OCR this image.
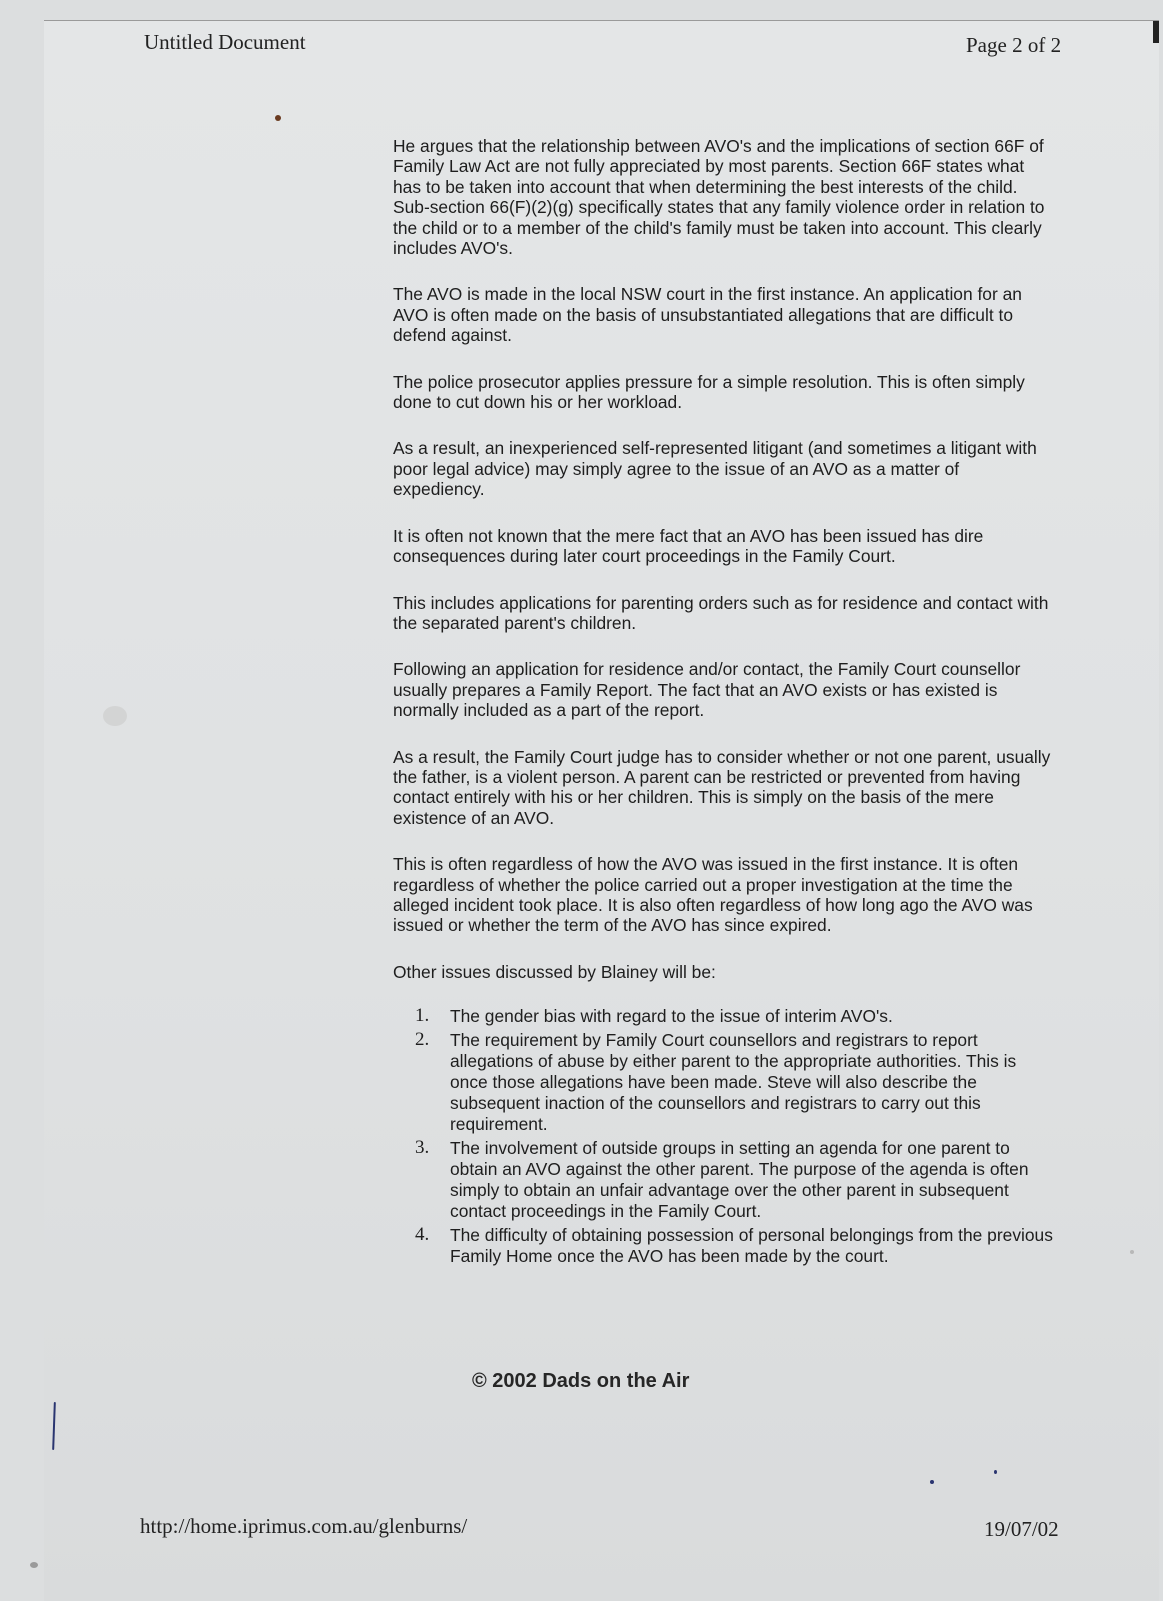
Untitled Document	Page 2 of 2

He argues that the relationship between AVO's and the implications of section 66F of Family Law Act are not fully appreciated by most parents. Section 66F states what has to be taken into account that when determining the best interests of the child. Sub-section 66(F)(2)(g) specifically states that any family violence order in relation to the child or to a member of the child's family must be taken into account. This clearly includes AVO's.

The AVO is made in the local NSW court in the first instance. An application for an AVO is often made on the basis of unsubstantiated allegations that are difficult to defend against.

The police prosecutor applies pressure for a simple resolution. This is often simply done to cut down his or her workload.

As a result, an inexperienced self-represented litigant (and sometimes a litigant with poor legal advice) may simply agree to the issue of an AVO as a matter of expediency.

It is often not known that the mere fact that an AVO has been issued has dire consequences during later court proceedings in the Family Court.

This includes applications for parenting orders such as for residence and contact with the separated parent's children.

Following an application for residence and/or contact, the Family Court counsellor usually prepares a Family Report. The fact that an AVO exists or has existed is normally included as a part of the report.

As a result, the Family Court judge has to consider whether or not one parent, usually the father, is a violent person. A parent can be restricted or prevented from having contact entirely with his or her children. This is simply on the basis of the mere existence of an AVO.

This is often regardless of how the AVO was issued in the first instance. It is often regardless of whether the police carried out a proper investigation at the time the alleged incident took place. It is also often regardless of how long ago the AVO was issued or whether the term of the AVO has since expired.

Other issues discussed by Blainey will be:

1. The gender bias with regard to the issue of interim AVO's.
2. The requirement by Family Court counsellors and registrars to report allegations of abuse by either parent to the appropriate authorities. This is once those allegations have been made. Steve will also describe the subsequent inaction of the counsellors and registrars to carry out this requirement.
3. The involvement of outside groups in setting an agenda for one parent to obtain an AVO against the other parent. The purpose of the agenda is often simply to obtain an unfair advantage over the other parent in subsequent contact proceedings in the Family Court.
4. The difficulty of obtaining possession of personal belongings from the previous Family Home once the AVO has been made by the court.
© 2002 Dads on the Air
http://home.iprimus.com.au/glenburns/	19/07/02
